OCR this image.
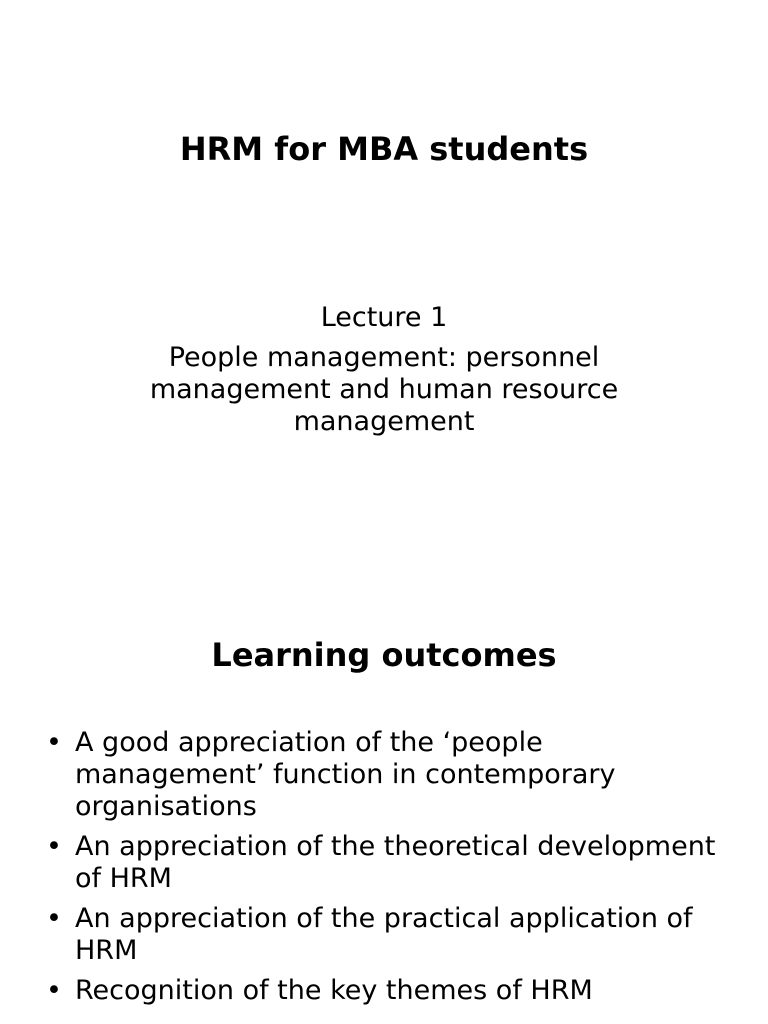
HRM for MBA students

Lecture 1

People management: personnel management and human resource management

Learning outcomes
• A good appreciation of the ‘people management’ function in contemporary organisations
• An appreciation of the theoretical development of HRM
• An appreciation of the practical application of HRM
• Recognition of the key themes of HRM
